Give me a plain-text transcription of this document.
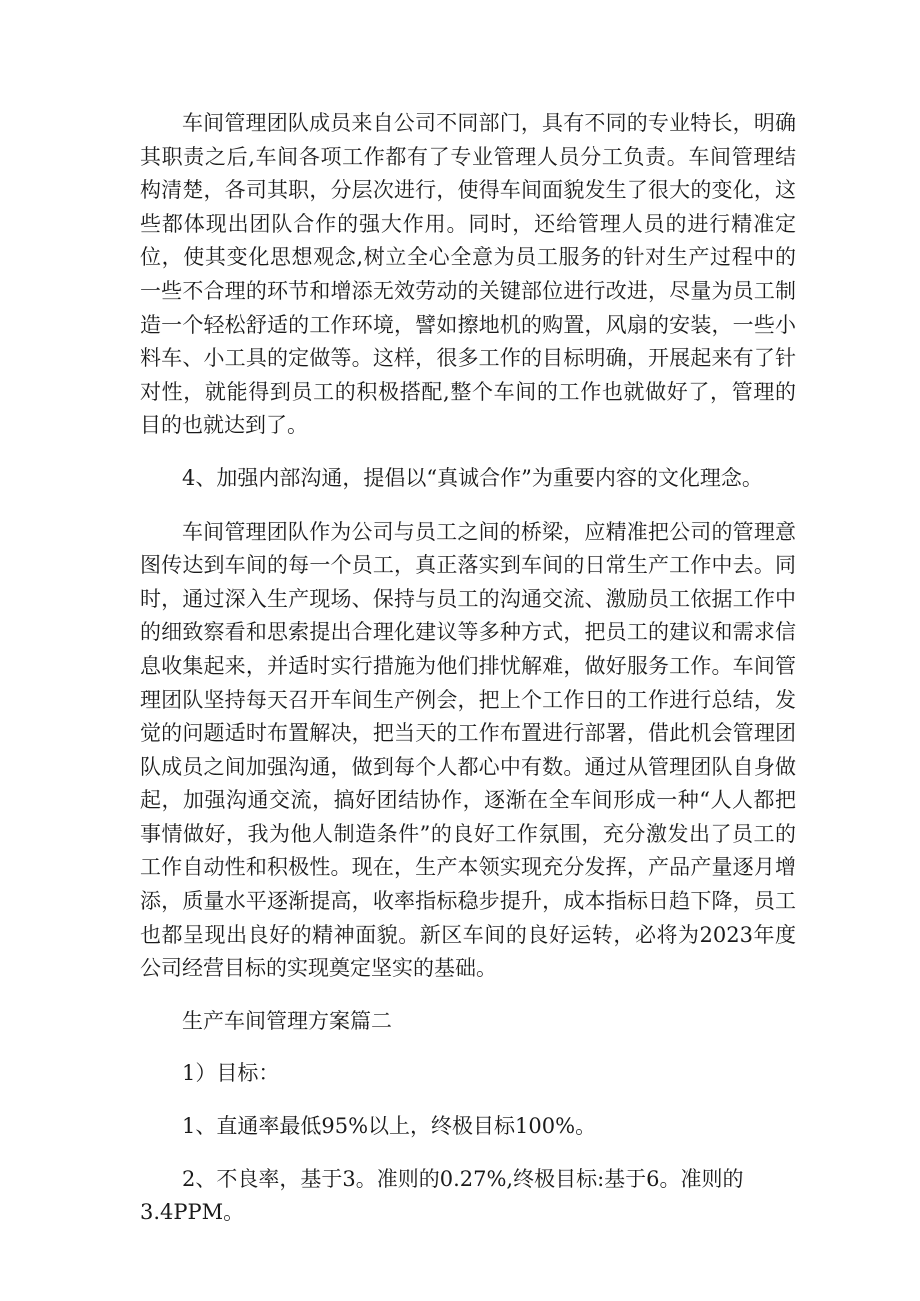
车间管理团队成员来自公司不同部门，具有不同的专业特长，明确其职责之后,车间各项工作都有了专业管理人员分工负责。车间管理结构清楚，各司其职，分层次进行，使得车间面貌发生了很大的变化，这些都体现出团队合作的强大作用。同时，还给管理人员的进行精准定位，使其变化思想观念,树立全心全意为员工服务的针对生产过程中的一些不合理的环节和增添无效劳动的关键部位进行改进，尽量为员工制造一个轻松舒适的工作环境，譬如擦地机的购置，风扇的安装，一些小料车、小工具的定做等。这样，很多工作的目标明确，开展起来有了针对性，就能得到员工的积极搭配,整个车间的工作也就做好了，管理的目的也就达到了。

4、加强内部沟通，提倡以“真诚合作”为重要内容的文化理念。

车间管理团队作为公司与员工之间的桥梁，应精准把公司的管理意图传达到车间的每一个员工，真正落实到车间的日常生产工作中去。同时，通过深入生产现场、保持与员工的沟通交流、激励员工依据工作中的细致察看和思索提出合理化建议等多种方式，把员工的建议和需求信息收集起来，并适时实行措施为他们排忧解难，做好服务工作。车间管理团队坚持每天召开车间生产例会，把上个工作日的工作进行总结，发觉的问题适时布置解决，把当天的工作布置进行部署，借此机会管理团队成员之间加强沟通，做到每个人都心中有数。通过从管理团队自身做起，加强沟通交流，搞好团结协作，逐渐在全车间形成一种“人人都把事情做好，我为他人制造条件”的良好工作氛围，充分激发出了员工的工作自动性和积极性。现在，生产本领实现充分发挥，产品产量逐月增添，质量水平逐渐提高，收率指标稳步提升，成本指标日趋下降，员工也都呈现出良好的精神面貌。新区车间的良好运转，必将为2023年度公司经营目标的实现奠定坚实的基础。

生产车间管理方案篇二

1）目标：

1、直通率最低95%以上，终极目标100%。

2、不良率，基于3。准则的0.27%,终极目标:基于6。准则的3.4PPM。
